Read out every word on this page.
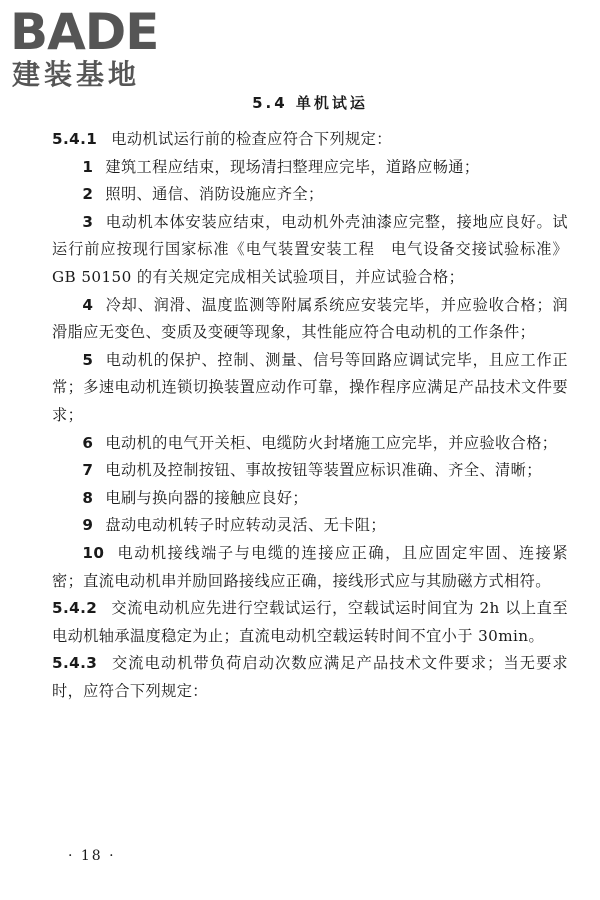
BADE
建装基地
5.4 单机试运

5.4.1 电动机试运行前的检查应符合下列规定：

1 建筑工程应结束，现场清扫整理应完毕，道路应畅通；

2 照明、通信、消防设施应齐全；

3 电动机本体安装应结束，电动机外壳油漆应完整，接地应良好。试运行前应按现行国家标准《电气装置安装工程　电气设备交接试验标准》GB 50150 的有关规定完成相关试验项目，并应试验合格；

4 冷却、润滑、温度监测等附属系统应安装完毕，并应验收合格；润滑脂应无变色、变质及变硬等现象，其性能应符合电动机的工作条件；

5 电动机的保护、控制、测量、信号等回路应调试完毕，且应工作正常；多速电动机连锁切换装置应动作可靠，操作程序应满足产品技术文件要求；

6 电动机的电气开关柜、电缆防火封堵施工应完毕，并应验收合格；

7 电动机及控制按钮、事故按钮等装置应标识准确、齐全、清晰；

8 电刷与换向器的接触应良好；

9 盘动电动机转子时应转动灵活、无卡阻；

10 电动机接线端子与电缆的连接应正确，且应固定牢固、连接紧密；直流电动机串并励回路接线应正确，接线形式应与其励磁方式相符。

5.4.2 交流电动机应先进行空载试运行，空载试运时间宜为 2h 以上直至电动机轴承温度稳定为止；直流电动机空载运转时间不宜小于 30min。

5.4.3 交流电动机带负荷启动次数应满足产品技术文件要求；当无要求时，应符合下列规定：

· 18 ·
